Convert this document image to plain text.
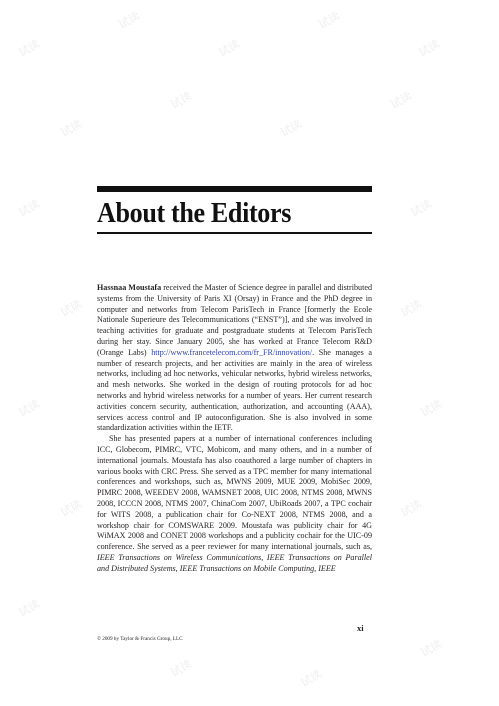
About the Editors

Hassnaa Moustafa received the Master of Science degree in parallel and distributed systems from the University of Paris XI (Orsay) in France and the PhD degree in computer and networks from Telecom ParisTech in France [formerly the Ecole Nationale Superieure des Telecommunications (“ENST”)], and she was involved in teaching activities for graduate and postgraduate students at Telecom ParisTech during her stay. Since January 2005, she has worked at France Telecom R&D (Orange Labs) http://www.francetelecom.com/fr_FR/innovation/. She manages a number of research projects, and her activities are mainly in the area of wireless networks, including ad hoc networks, vehicular networks, hybrid wireless networks, and mesh networks. She worked in the design of routing protocols for ad hoc networks and hybrid wireless networks for a number of years. Her current research activities concern security, authentication, authorization, and accounting (AAA), services access control and IP autoconfiguration. She is also involved in some standardization activities within the IETF.

She has presented papers at a number of international conferences including ICC, Globecom, PIMRC, VTC, Mobicom, and many others, and in a number of international journals. Moustafa has also coauthored a large number of chapters in various books with CRC Press. She served as a TPC member for many international conferences and workshops, such as, MWNS 2009, MUE 2009, MobiSec 2009, PIMRC 2008, WEEDEV 2008, WAMSNET 2008, UIC 2008, NTMS 2008, MWNS 2008, ICCCN 2008, NTMS 2007, ChinaCom 2007, UbiRoads 2007, a TPC cochair for WITS 2008, a publication chair for Co-NEXT 2008, NTMS 2008, and a workshop chair for COMSWARE 2009. Moustafa was publicity chair for 4G WiMAX 2008 and CONET 2008 workshops and a publicity cochair for the UIC-09 conference. She served as a peer reviewer for many international journals, such as, IEEE Transactions on Wireless Communications, IEEE Transactions on Parallel and Distributed Systems, IEEE Transactions on Mobile Computing, IEEE

xi
© 2009 by Taylor & Francis Group, LLC
试读
试读
试读
试读
试读
试读
试读
试读
试读
试读	试读
试读	试读
试读	试读
试读	试读
试读
试读	试读
试读
